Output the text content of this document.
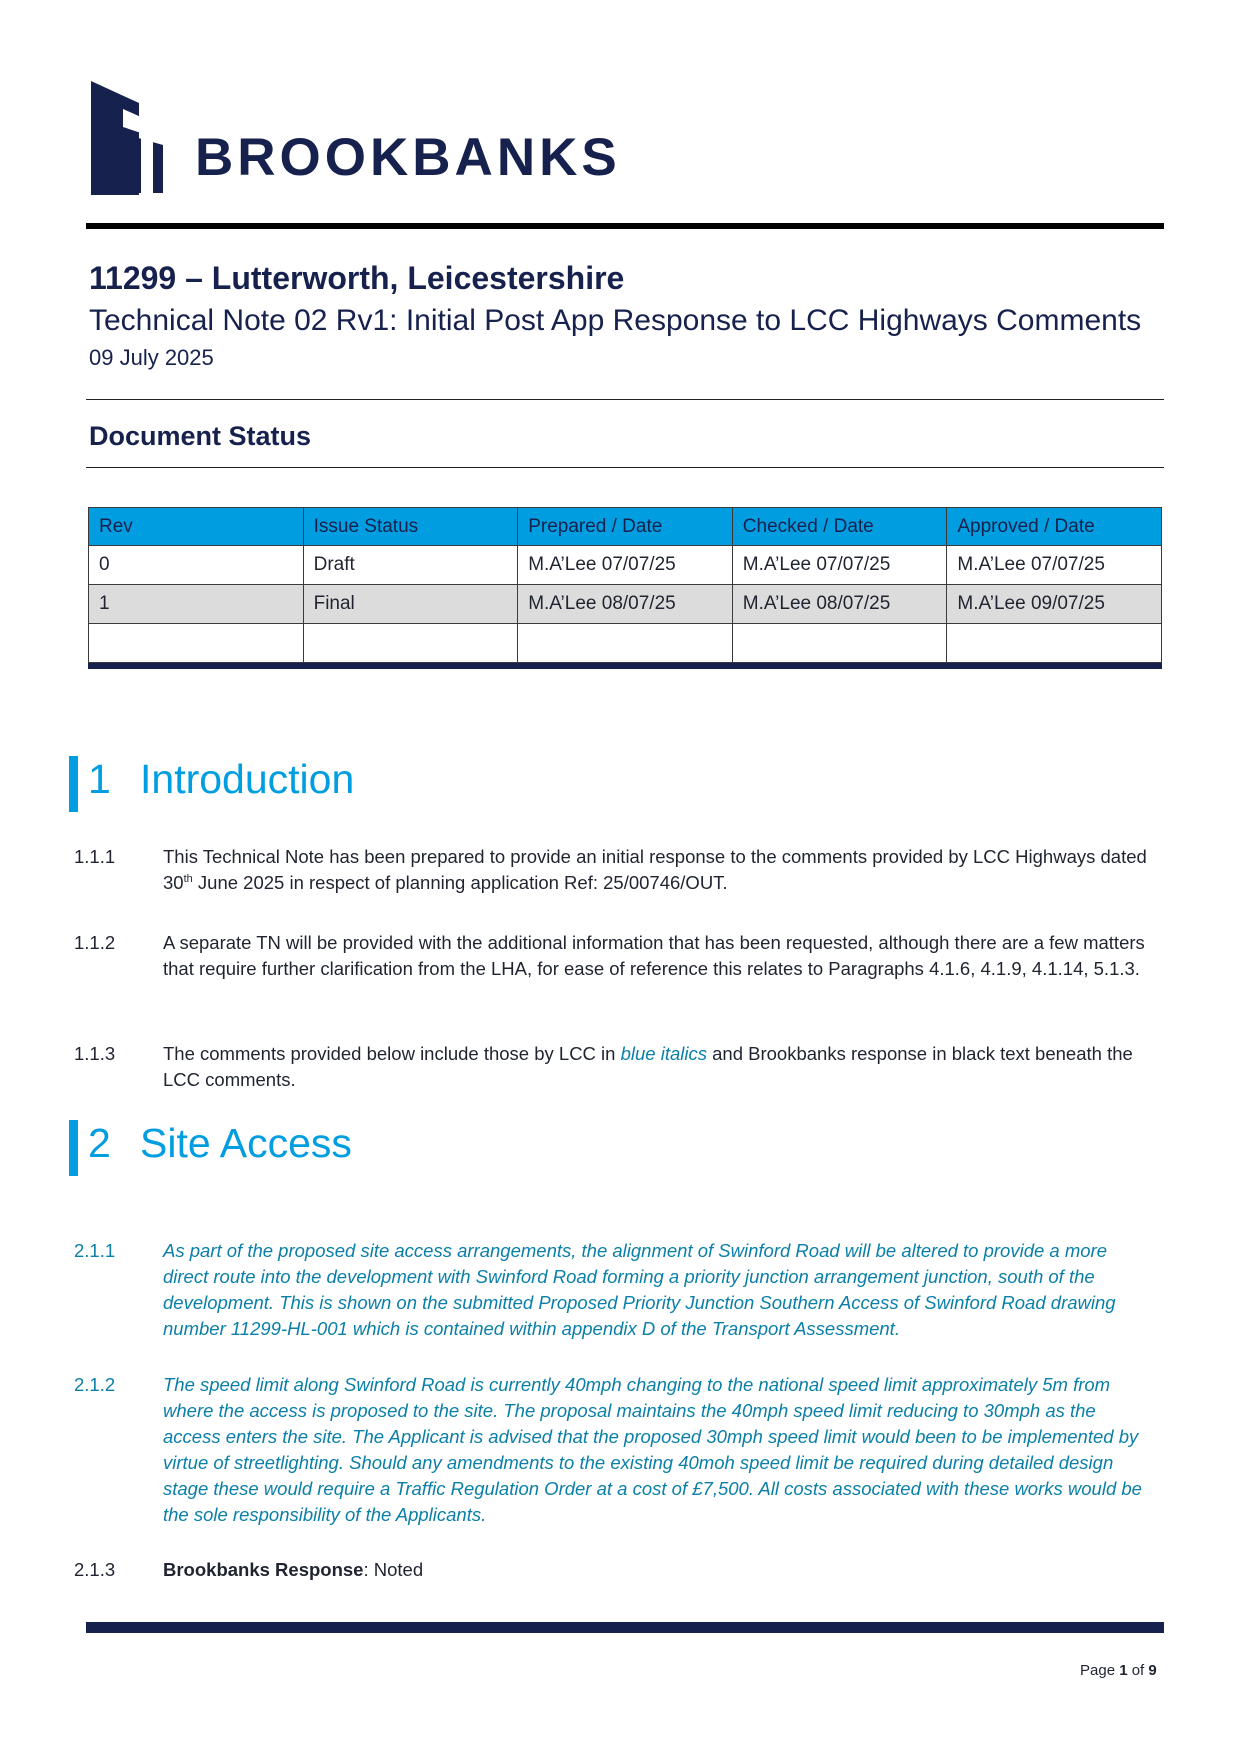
BROOKBANKS
11299 – Lutterworth, Leicestershire
Technical Note 02 Rv1: Initial Post App Response to LCC Highways Comments
09 July 2025
Document Status
Rev	Issue Status	Prepared / Date	Checked / Date	Approved / Date
0	Draft	M.A’Lee 07/07/25	M.A’Lee 07/07/25	M.A’Lee 07/07/25
1	Final	M.A’Lee 08/07/25	M.A’Lee 08/07/25	M.A’Lee 09/07/25

1 Introduction
1.1.1	This Technical Note has been prepared to provide an initial response to the comments provided by LCC Highways dated 30th June 2025 in respect of planning application Ref: 25/00746/OUT.
1.1.2	A separate TN will be provided with the additional information that has been requested, although there are a few matters that require further clarification from the LHA, for ease of reference this relates to Paragraphs 4.1.6, 4.1.9, 4.1.14, 5.1.3.
1.1.3	The comments provided below include those by LCC in blue italics and Brookbanks response in black text beneath the LCC comments.
2 Site Access
2.1.1	As part of the proposed site access arrangements, the alignment of Swinford Road will be altered to provide a more direct route into the development with Swinford Road forming a priority junction arrangement junction, south of the development. This is shown on the submitted Proposed Priority Junction Southern Access of Swinford Road drawing number 11299-HL-001 which is contained within appendix D of the Transport Assessment.
2.1.2	The speed limit along Swinford Road is currently 40mph changing to the national speed limit approximately 5m from where the access is proposed to the site. The proposal maintains the 40mph speed limit reducing to 30mph as the access enters the site. The Applicant is advised that the proposed 30mph speed limit would been to be implemented by virtue of streetlighting. Should any amendments to the existing 40moh speed limit be required during detailed design stage these would require a Traffic Regulation Order at a cost of £7,500. All costs associated with these works would be the sole responsibility of the Applicants.
2.1.3	Brookbanks Response: Noted
Page 1 of 9
